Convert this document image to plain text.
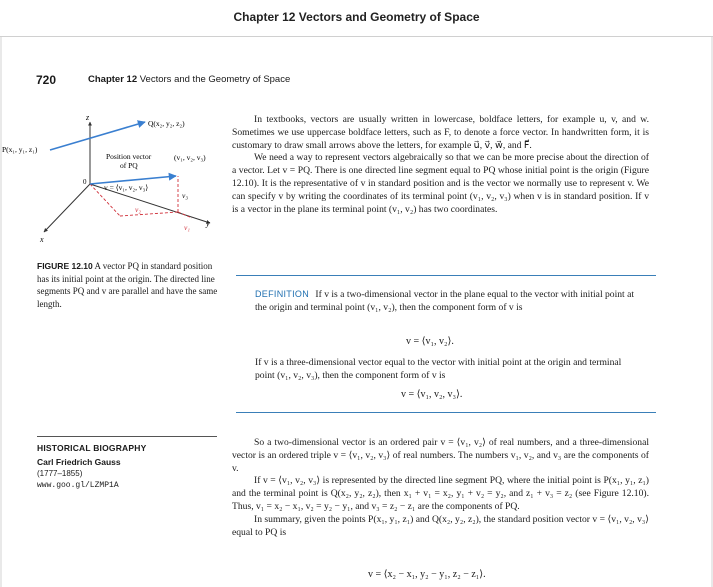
Chapter 12 Vectors and Geometry of Space
720	Chapter 12 Vectors and the Geometry of Space
z
y
x
0
Q(x₂, y₂, z₂)
P(x₁, y₁, z₁)
Position vector
of PQ
v = ⟨v₁, v₂, v₃⟩
(v₁, v₂, v₃)
v₃
v₂
v₁
FIGURE 12.10 A vector PQ in standard position has its initial point at the origin. The directed line segments PQ and v are parallel and have the same length.

In textbooks, vectors are usually written in lowercase, boldface letters, for example u, v, and w. Sometimes we use uppercase boldface letters, such as F, to denote a force vector. In handwritten form, it is customary to draw small arrows above the letters, for example u⃗, v⃗, w⃗, and F⃗.

We need a way to represent vectors algebraically so that we can be more precise about the direction of a vector. Let v = PQ. There is one directed line segment equal to PQ whose initial point is the origin (Figure 12.10). It is the representative of v in standard position and is the vector we normally use to represent v. We can specify v by writing the coordinates of its terminal point (v₁, v₂, v₃) when v is in standard position. If v is a vector in the plane its terminal point (v₁, v₂) has two coordinates.

DEFINITION If v is a two-dimensional vector in the plane equal to the vector with initial point at the origin and terminal point (v₁, v₂), then the component form of v is
v = ⟨v₁, v₂⟩.
If v is a three-dimensional vector equal to the vector with initial point at the origin and terminal point (v₁, v₂, v₃), then the component form of v is
v = ⟨v₁, v₂, v₃⟩.

So a two-dimensional vector is an ordered pair v = ⟨v₁, v₂⟩ of real numbers, and a three-dimensional vector is an ordered triple v = ⟨v₁, v₂, v₃⟩ of real numbers. The numbers v₁, v₂, and v₃ are the components of v.

If v = ⟨v₁, v₂, v₃⟩ is represented by the directed line segment PQ, where the initial point is P(x₁, y₁, z₁) and the terminal point is Q(x₂, y₂, z₂), then x₁ + v₁ = x₂, y₁ + v₂ = y₂, and z₁ + v₃ = z₂ (see Figure 12.10). Thus, v₁ = x₂ − x₁, v₂ = y₂ − y₁, and v₃ = z₂ − z₁ are the components of PQ.

In summary, given the points P(x₁, y₁, z₁) and Q(x₂, y₂, z₂), the standard position vector v = ⟨v₁, v₂, v₃⟩ equal to PQ is

v = ⟨x₂ − x₁, y₂ − y₁, z₂ − z₁⟩.
HISTORICAL BIOGRAPHY
Carl Friedrich Gauss
(1777–1855)
www.goo.gl/LZMP1A
